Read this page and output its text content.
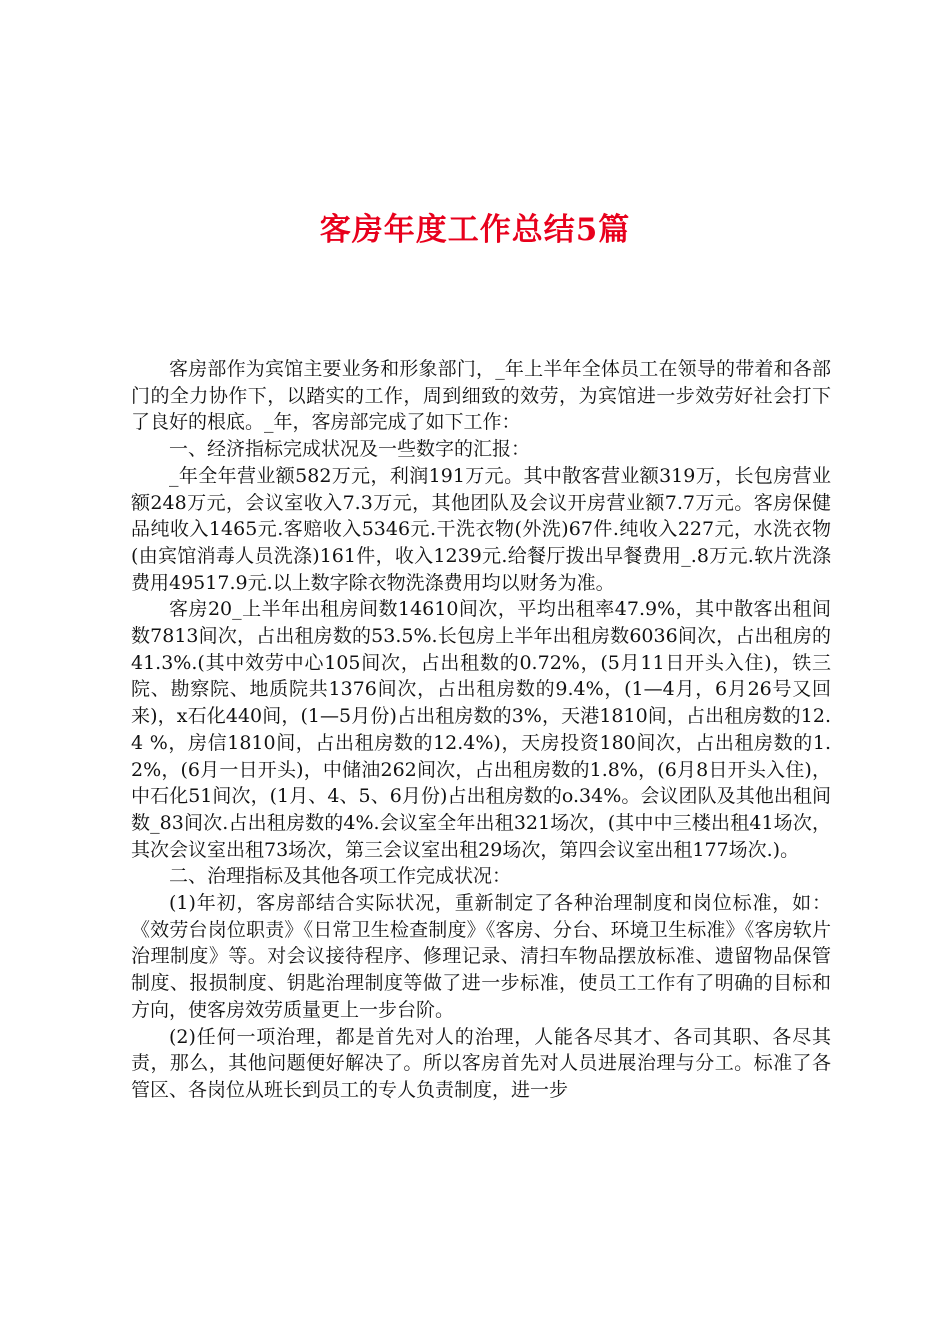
客房年度工作总结5篇

客房部作为宾馆主要业务和形象部门，_年上半年全体员工在领导的带着和各部门的全力协作下，以踏实的工作，周到细致的效劳，为宾馆进一步效劳好社会打下了良好的根底。_年，客房部完成了如下工作：

一、经济指标完成状况及一些数字的汇报：

_年全年营业额582万元，利润191万元。其中散客营业额319万，长包房营业额248万元，会议室收入7.3万元，其他团队及会议开房营业额7.7万元。客房保健品纯收入1465元.客赔收入5346元.干洗衣物(外洗)67件.纯收入227元，水洗衣物(由宾馆消毒人员洗涤)161件，收入1239元.给餐厅拨出早餐费用_.8万元.软片洗涤费用49517.9元.以上数字除衣物洗涤费用均以财务为准。

客房20_上半年出租房间数14610间次，平均出租率47.9%，其中散客出租间数7813间次，占出租房数的53.5%.长包房上半年出租房数6036间次，占出租房的41.3%.(其中效劳中心105间次，占出租数的0.72%，(5月11日开头入住)，铁三院、勘察院、地质院共1376间次，占出租房数的9.4%，(1—4月，6月26号又回来)，x石化440间，(1—5月份)占出租房数的3%，天港1810间，占出租房数的12.4 %，房信1810间，占出租房数的12.4%)，天房投资180间次，占出租房数的1.2%，(6月一日开头)，中储油262间次，占出租房数的1.8%，(6月8日开头入住)，中石化51间次，(1月、4、5、6月份)占出租房数的o.34%。会议团队及其他出租间数_83间次.占出租房数的4%.会议室全年出租321场次，(其中中三楼出租41场次，其次会议室出租73场次，第三会议室出租29场次，第四会议室出租177场次.)。

二、治理指标及其他各项工作完成状况：

(1)年初，客房部结合实际状况，重新制定了各种治理制度和岗位标准，如：《效劳台岗位职责》《日常卫生检查制度》《客房、分台、环境卫生标准》《客房软片治理制度》等。对会议接待程序、修理记录、清扫车物品摆放标准、遗留物品保管制度、报损制度、钥匙治理制度等做了进一步标准，使员工工作有了明确的目标和方向，使客房效劳质量更上一步台阶。

(2)任何一项治理，都是首先对人的治理，人能各尽其才、各司其职、各尽其责，那么，其他问题便好解决了。所以客房首先对人员进展治理与分工。标准了各管区、各岗位从班长到员工的专人负责制度，进一步
